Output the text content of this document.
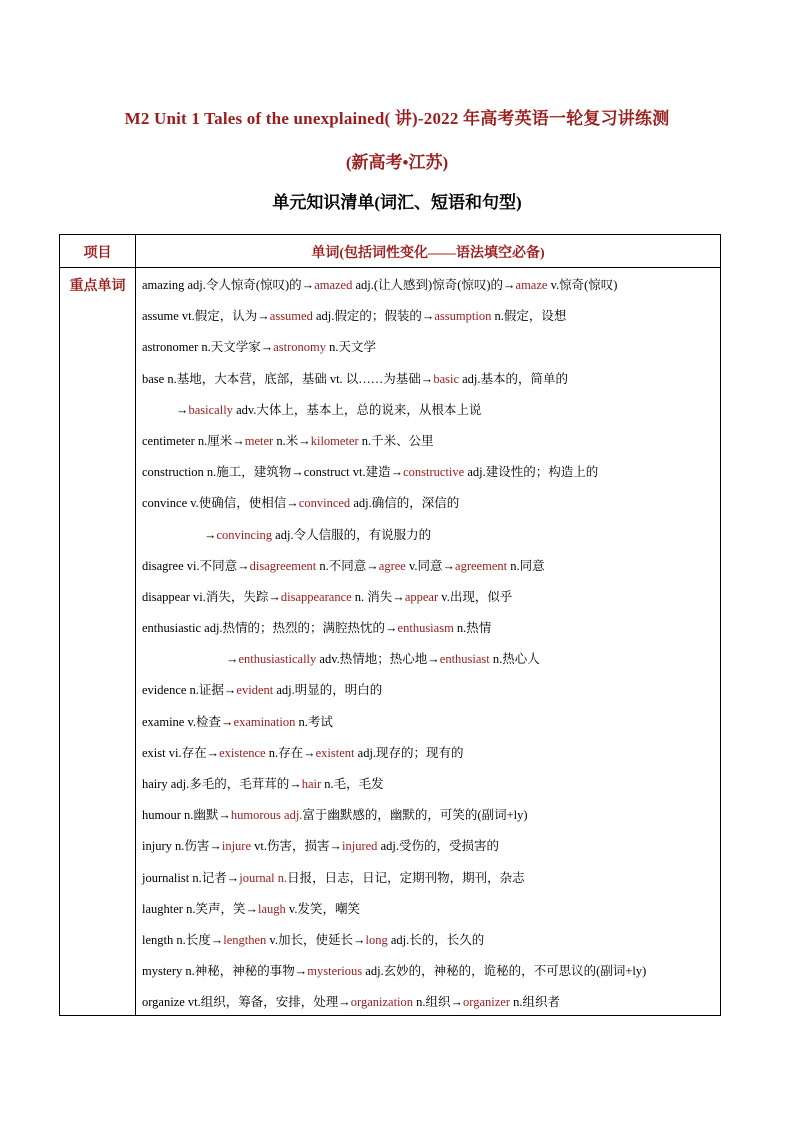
M2 Unit 1 Tales of the unexplained( 讲)-2022 年高考英语一轮复习讲练测
(新高考•江苏)
单元知识清单(词汇、短语和句型)
项目	单词(包括词性变化——语法填空必备)
重点单词	amazing adj.令人惊奇(惊叹)的→amazed adj.(让人感到)惊奇(惊叹)的→amaze v.惊奇(惊叹)
assume vt.假定，认为→assumed adj.假定的；假装的→assumption n.假定，设想
astronomer n.天文学家→astronomy n.天文学
base n.基地，大本营，底部，基础 vt. 以……为基础→basic adj.基本的，简单的
→basically adv.大体上，基本上，总的说来，从根本上说
centimeter n.厘米→meter n.米→kilometer n.千米、公里
construction n.施工，建筑物→construct vt.建造→constructive adj.建设性的；构造上的
convince v.使确信，使相信→convinced adj.确信的，深信的
→convincing adj.令人信服的，有说服力的
disagree vi.不同意→disagreement n.不同意→agree v.同意→agreement n.同意
disappear vi.消失，失踪→disappearance n. 消失→appear v.出现，似乎
enthusiastic adj.热情的；热烈的；满腔热忱的→enthusiasm n.热情
→enthusiastically adv.热情地；热心地→enthusiast n.热心人
evidence n.证据→evident adj.明显的，明白的
examine v.检查→examination n.考试
exist vi.存在→existence n.存在→existent adj.现存的；现有的
hairy adj.多毛的，毛茸茸的→hair n.毛，毛发
humour n.幽默→humorous adj.富于幽默感的，幽默的，可笑的(副词+ly)
injury n.伤害→injure vt.伤害，损害→injured adj.受伤的，受损害的
journalist n.记者→journal n.日报，日志，日记，定期刊物，期刊，杂志
laughter n.笑声，笑→laugh v.发笑，嘲笑
length n.长度→lengthen v.加长，使延长→long adj.长的，长久的
mystery n.神秘，神秘的事物→mysterious adj.玄妙的，神秘的，诡秘的，不可思议的(副词+ly)
organize vt.组织，筹备，安排，处理→organization n.组织→organizer n.组织者
